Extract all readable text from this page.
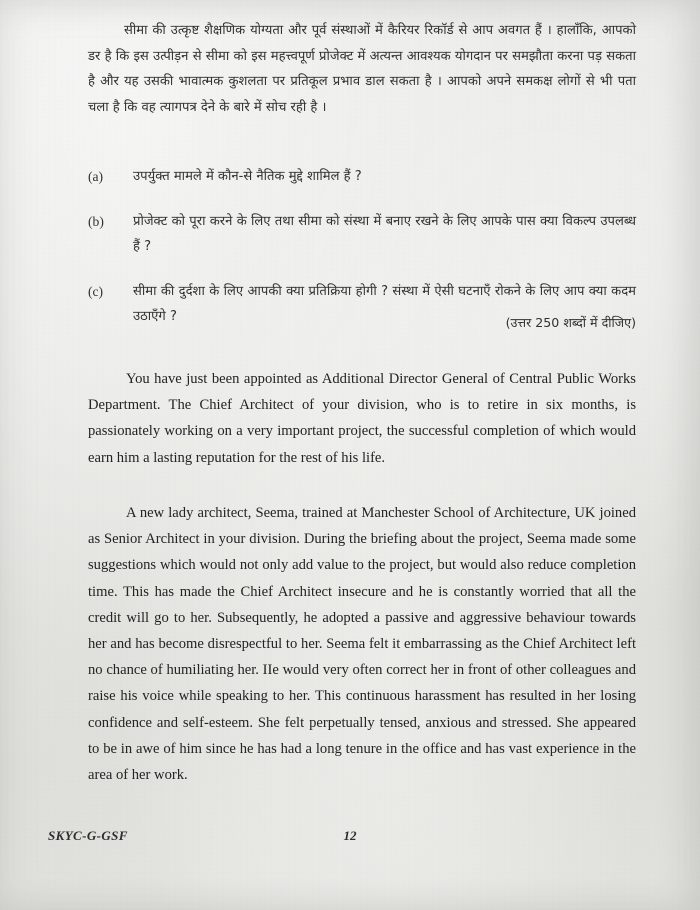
सीमा की उत्कृष्ट शैक्षणिक योग्यता और पूर्व संस्थाओं में कैरियर रिकॉर्ड से आप अवगत हैं । हालाँकि, आपको डर है कि इस उत्पीड़न से सीमा को इस महत्त्वपूर्ण प्रोजेक्ट में अत्यन्त आवश्यक योगदान पर समझौता करना पड़ सकता है और यह उसकी भावात्मक कुशलता पर प्रतिकूल प्रभाव डाल सकता है । आपको अपने समकक्ष लोगों से भी पता चला है कि वह त्यागपत्र देने के बारे में सोच रही है ।
(a)	उपर्युक्त मामले में कौन-से नैतिक मुद्दे शामिल हैं ?
(b)	प्रोजेक्ट को पूरा करने के लिए तथा सीमा को संस्था में बनाए रखने के लिए आपके पास क्या विकल्प उपलब्ध हैं ?
(c)	सीमा की दुर्दशा के लिए आपकी क्या प्रतिक्रिया होगी ? संस्था में ऐसी घटनाएँ रोकने के लिए आप क्या कदम उठाएँगे ?	(उत्तर 250 शब्दों में दीजिए)

You have just been appointed as Additional Director General of Central Public Works Department. The Chief Architect of your division, who is to retire in six months, is passionately working on a very important project, the successful completion of which would earn him a lasting reputation for the rest of his life.

A new lady architect, Seema, trained at Manchester School of Architecture, UK joined as Senior Architect in your division. During the briefing about the project, Seema made some suggestions which would not only add value to the project, but would also reduce completion time. This has made the Chief Architect insecure and he is constantly worried that all the credit will go to her. Subsequently, he adopted a passive and aggressive behaviour towards her and has become disrespectful to her. Seema felt it embarrassing as the Chief Architect left no chance of humiliating her. IIe would very often correct her in front of other colleagues and raise his voice while speaking to her. This continuous harassment has resulted in her losing confidence and self-esteem. She felt perpetually tensed, anxious and stressed. She appeared to be in awe of him since he has had a long tenure in the office and has vast experience in the area of her work.

SKYC-G-GSF	12
